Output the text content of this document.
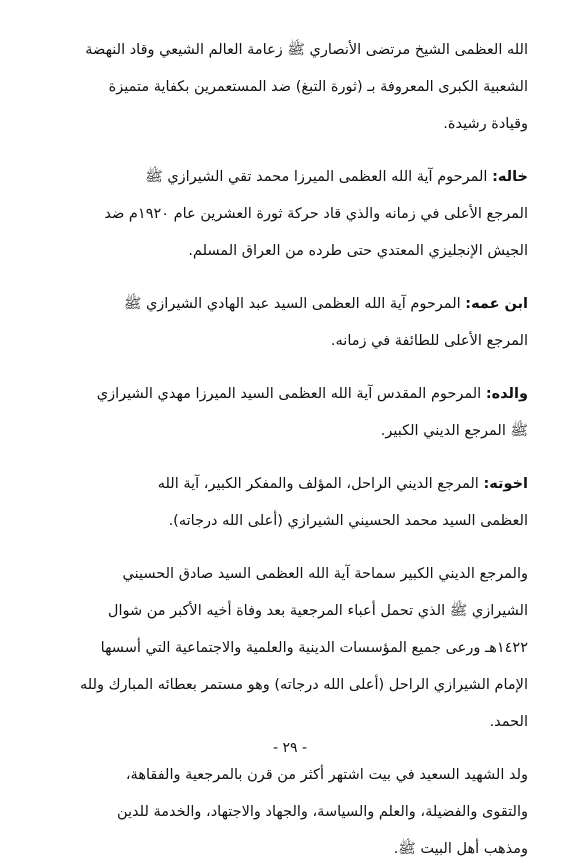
الله العظمى الشيخ مرتضى الأنصاري ﷺ زعامة العالم الشيعي وقاد النهضة
الشعبية الكبرى المعروفة بـ (ثورة التبغ) ضد المستعمرين بكفاية متميزة
وقيادة رشيدة.

خاله: المرحوم آية الله العظمى الميرزا محمد تقي الشيرازي ﷺ
المرجع الأعلى في زمانه والذي قاد حركة ثورة العشرين عام ١٩٢٠م ضد
الجيش الإنجليزي المعتدي حتى طرده من العراق المسلم.

ابن عمه: المرحوم آية الله العظمى السيد عبد الهادي الشيرازي ﷺ
المرجع الأعلى للطائفة في زمانه.

والده: المرحوم المقدس آية الله العظمى السيد الميرزا مهدي الشيرازي
ﷺ المرجع الديني الكبير.

اخوته: المرجع الديني الراحل، المؤلف والمفكر الكبير، آية الله
العظمى السيد محمد الحسيني الشيرازي (أعلى الله درجاته).

والمرجع الديني الكبير سماحة آية الله العظمى السيد صادق الحسيني
الشيرازي ﷺ الذي تحمل أعباء المرجعية بعد وفاة أخيه الأكبر من شوال
١٤٢٢هـ ورعى جميع المؤسسات الدينية والعلمية والاجتماعية التي أسسها
الإمام الشيرازي الراحل (أعلى الله درجاته) وهو مستمر بعطائه المبارك ولله
الحمد.

ولد الشهيد السعيد في بيت اشتهر أكثر من قرن بالمرجعية والفقاهة،
والتقوى والفضيلة، والعلم والسياسة، والجهاد والاجتهاد، والخدمة للدين
ومذهب أهل البيت ﷺ.

- ٢٩ -
